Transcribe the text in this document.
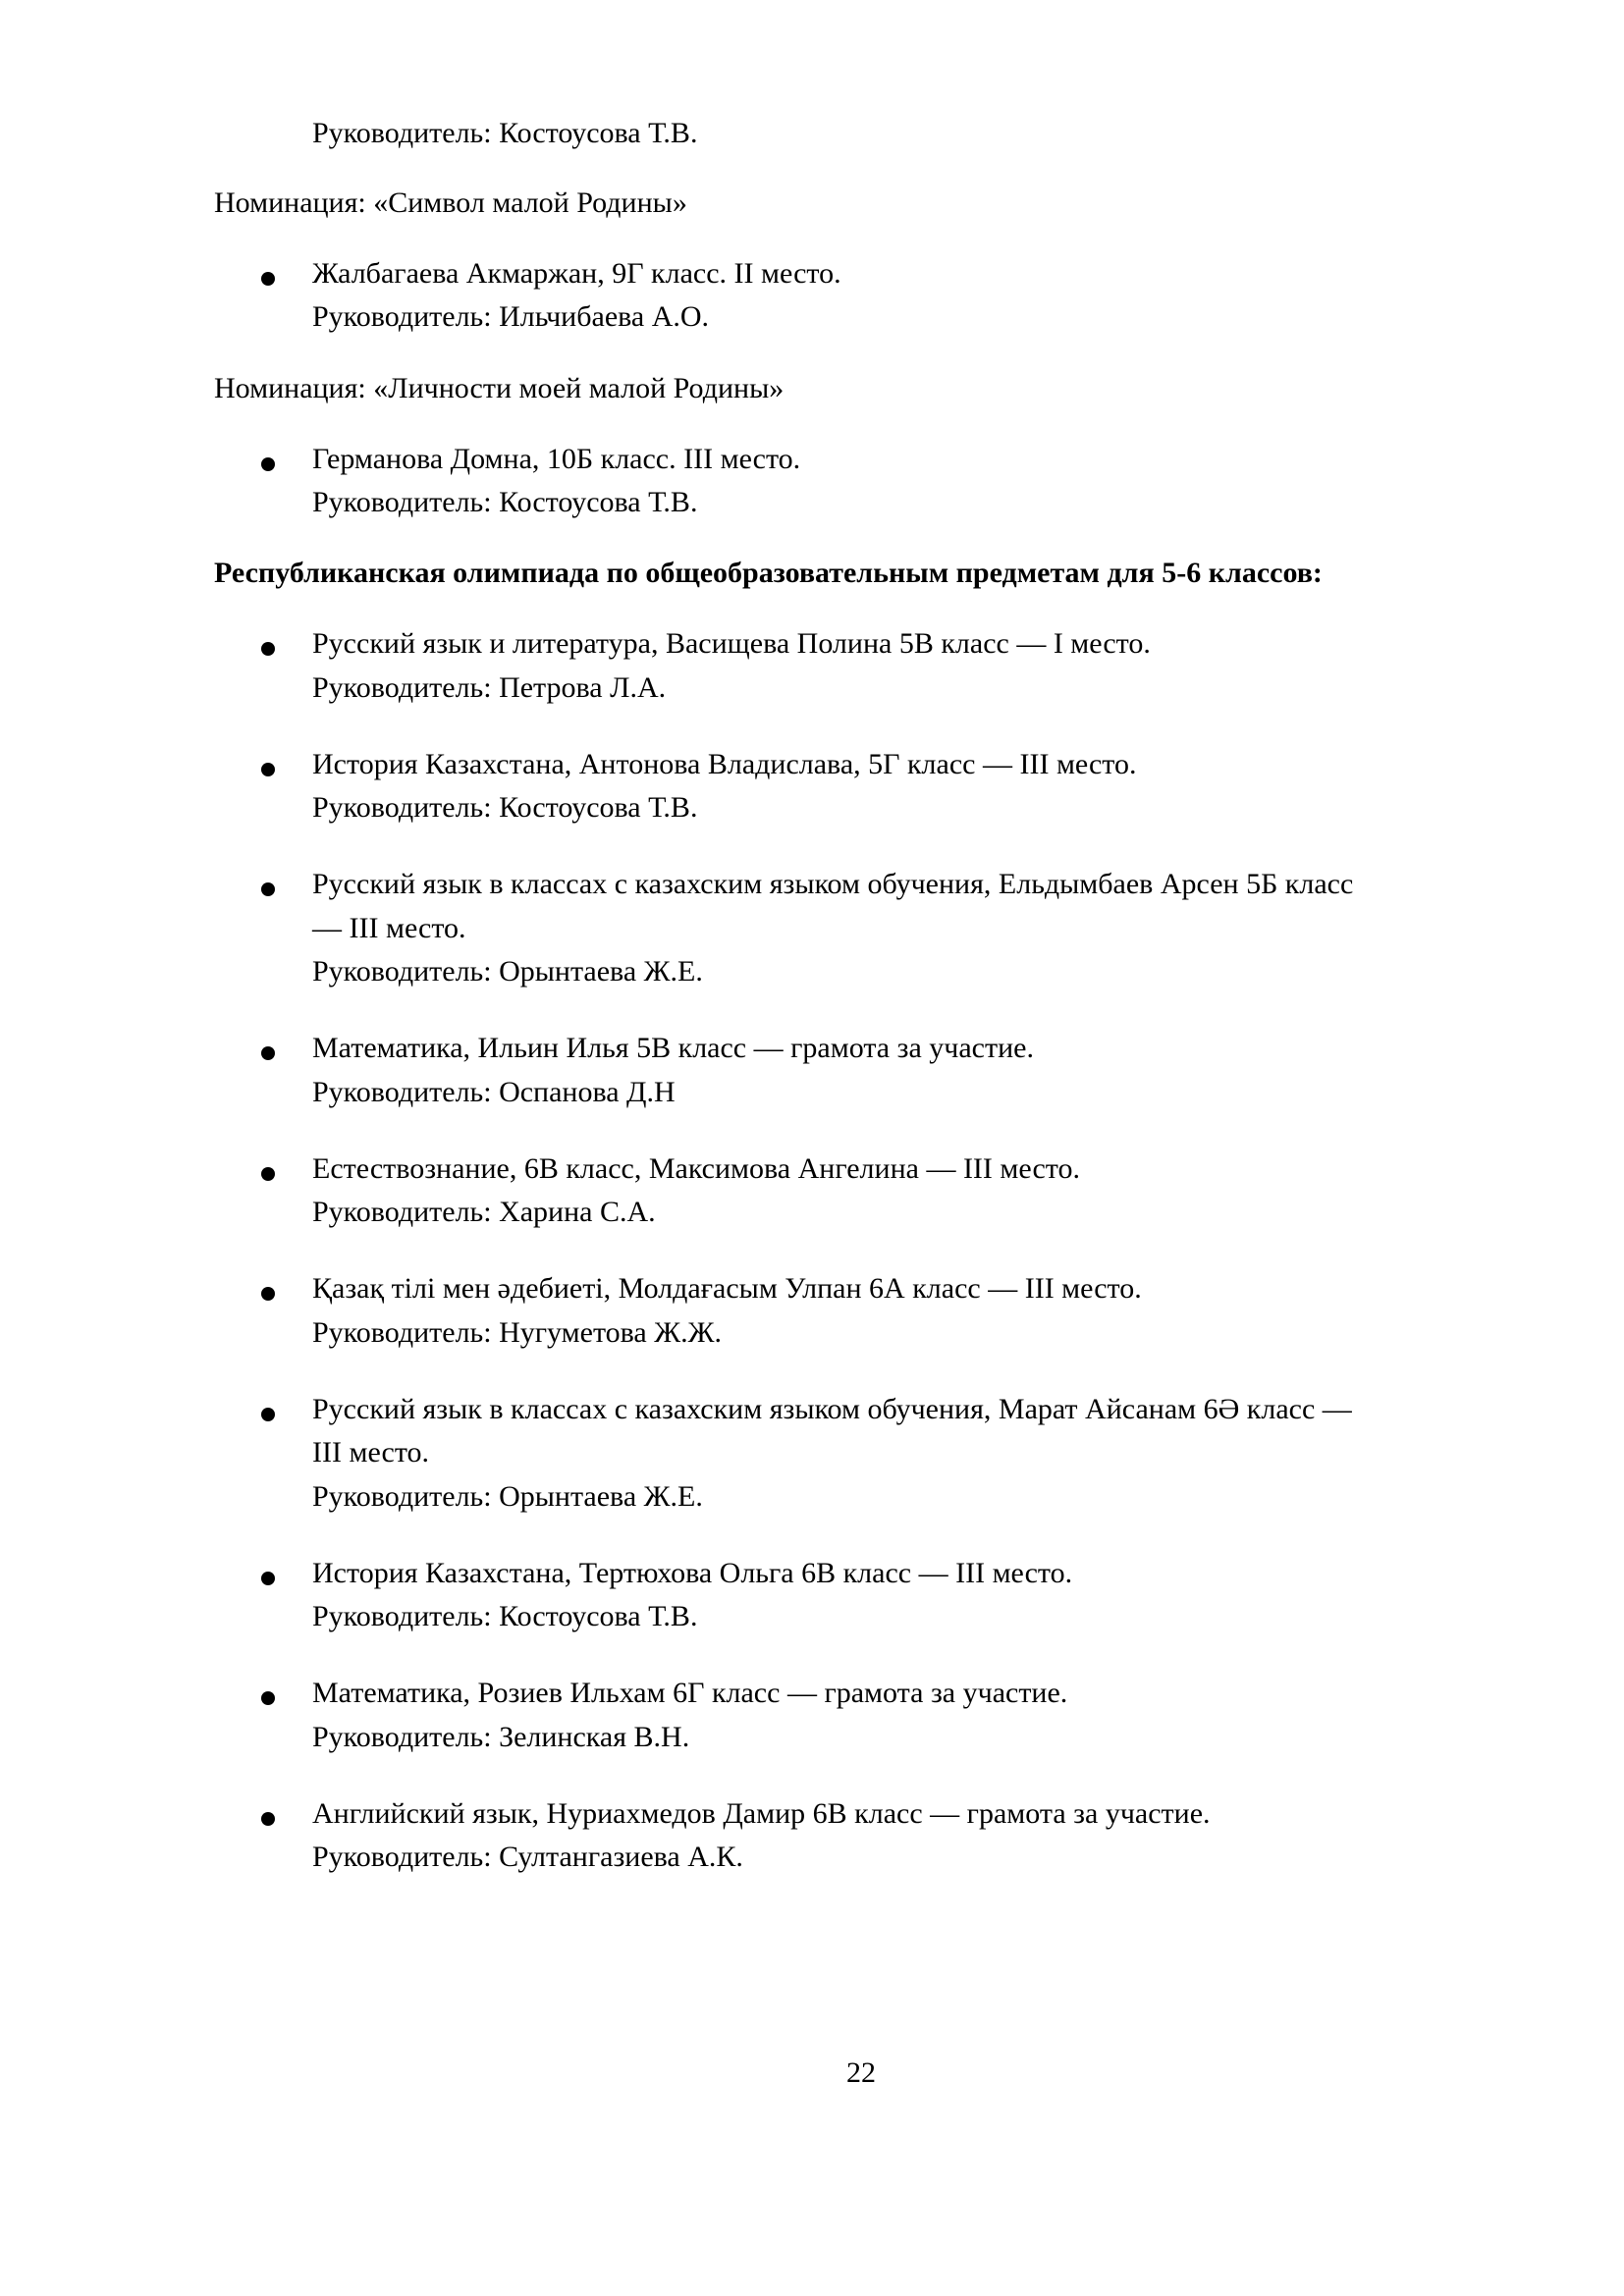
Руководитель: Костоусова Т.В.
Номинация: «Символ малой Родины»
Жалбагаева Акмаржан, 9Г класс. II место.
Руководитель: Ильчибаева А.О.
Номинация: «Личности моей малой Родины»
Германова Домна, 10Б класс. III место.
Руководитель: Костоусова Т.В.
Республиканская олимпиада по общеобразовательным предметам для 5-6 классов:
Русский язык и литература, Васищева Полина 5В класс — I место.
Руководитель: Петрова Л.А.
История Казахстана, Антонова Владислава, 5Г класс — III место.
Руководитель: Костоусова Т.В.
Русский язык в классах с казахским языком обучения, Ельдымбаев Арсен 5Б класс
— III место.
Руководитель: Орынтаева Ж.Е.
Математика, Ильин Илья 5В класс — грамота за участие.
Руководитель: Оспанова Д.Н
Естествознание, 6В класс, Максимова Ангелина — III место.
Руководитель: Харина С.А.
Қазақ тілі мен әдебиеті, Молдағасым Улпан 6А класс — III место.
Руководитель: Нугуметова Ж.Ж.
Русский язык в классах с казахским языком обучения, Марат Айсанам 6Ә класс —
III место.
Руководитель: Орынтаева Ж.Е.
История Казахстана, Тертюхова Ольга 6В класс — III место.
Руководитель: Костоусова Т.В.
Математика, Розиев Ильхам 6Г класс — грамота за участие.
Руководитель: Зелинская В.Н.
Английский язык, Нуриахмедов Дамир 6В класс — грамота за участие.
Руководитель: Султангазиева А.К.
22
